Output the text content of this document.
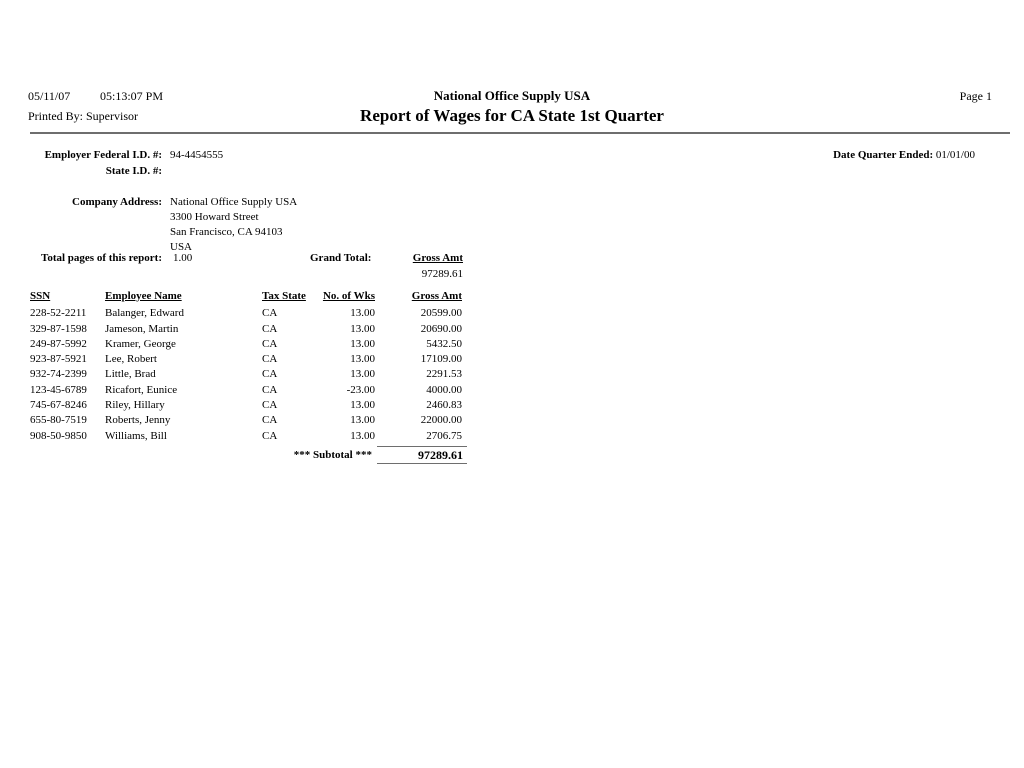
05/11/07 05:13:07 PM
Printed By: Supervisor
National Office Supply USA
Report of Wages for CA State 1st Quarter
Page 1
Employer Federal I.D. #: 94-4454555
State I.D. #:
Date Quarter Ended: 01/01/00
Company Address: National Office Supply USA
3300 Howard Street
San Francisco, CA 94103
USA
Total pages of this report: 1.00	Grand Total:	Gross Amt
97289.61
SSN	Employee Name	Tax State	No. of Wks	Gross Amt
228-52-2211	Balanger, Edward	CA	13.00	20599.00
329-87-1598	Jameson, Martin	CA	13.00	20690.00
249-87-5992	Kramer, George	CA	13.00	5432.50
923-87-5921	Lee, Robert	CA	13.00	17109.00
932-74-2399	Little, Brad	CA	13.00	2291.53
123-45-6789	Ricafort, Eunice	CA	-23.00	4000.00
745-67-8246	Riley, Hillary	CA	13.00	2460.83
655-80-7519	Roberts, Jenny	CA	13.00	22000.00
908-50-9850	Williams, Bill	CA	13.00	2706.75
*** Subtotal ***	97289.61
